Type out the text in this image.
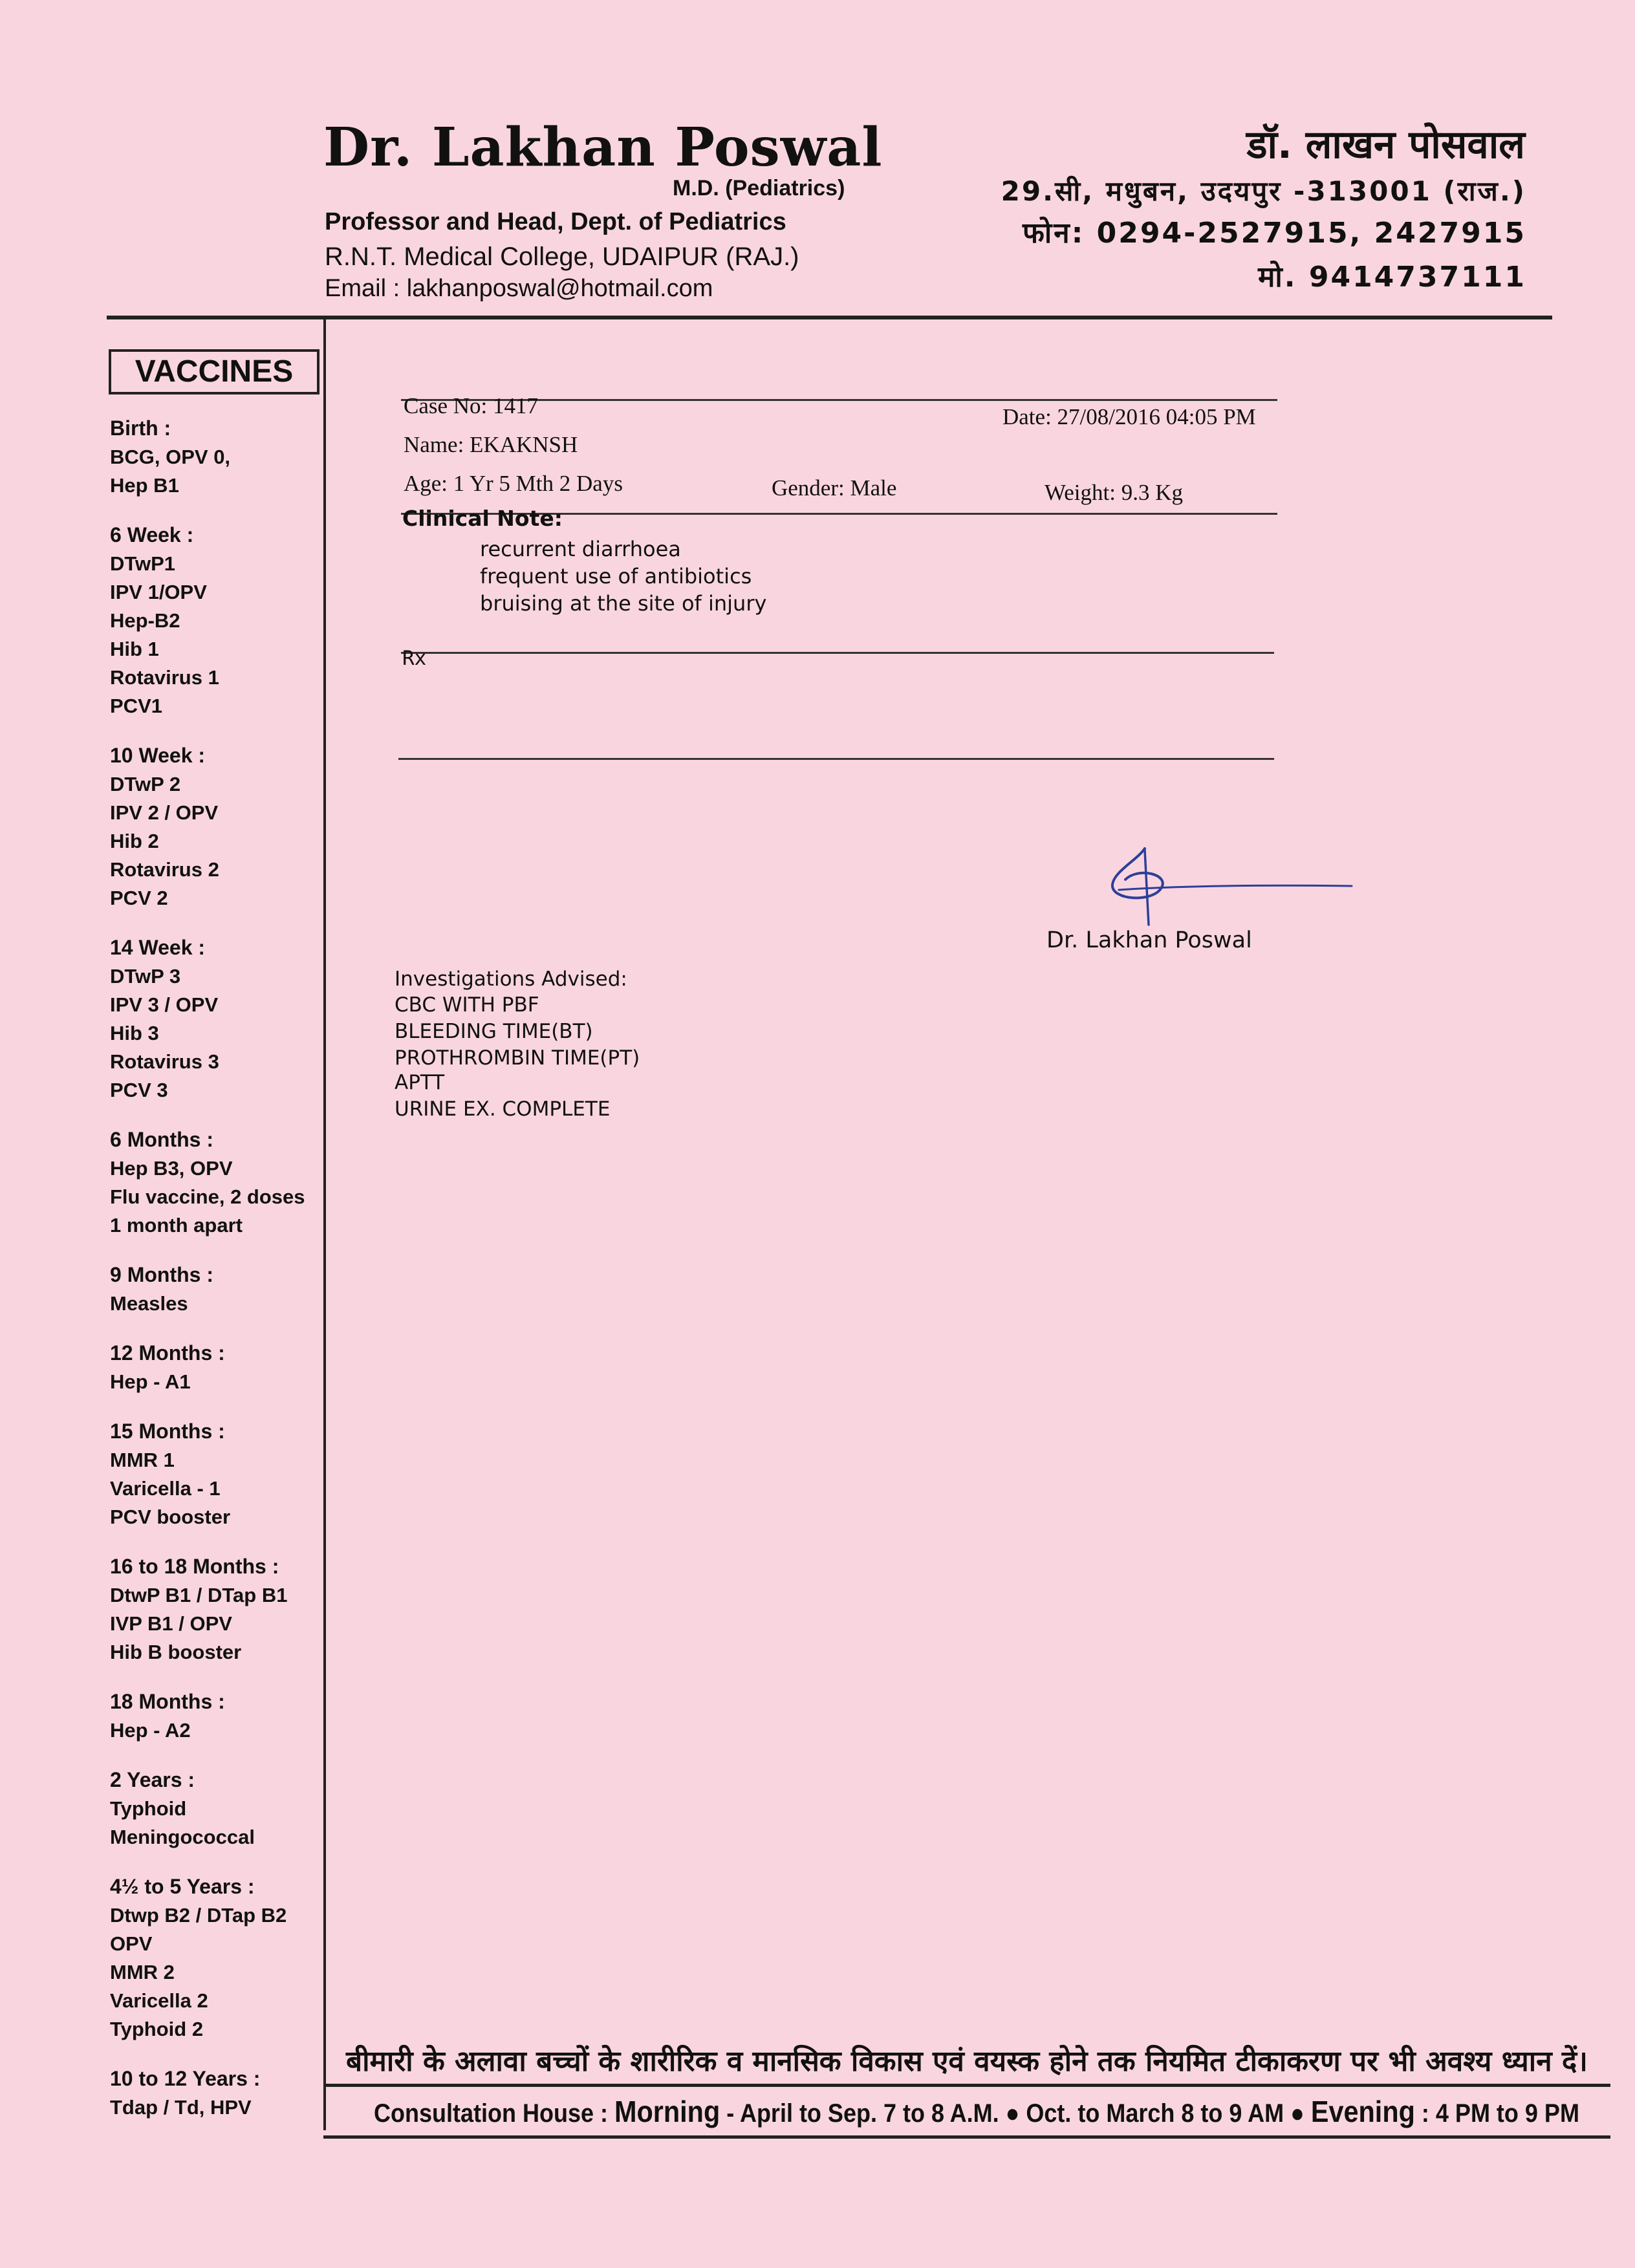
Dr. Lakhan Poswal
M.D. (Pediatrics)
Professor and Head, Dept. of Pediatrics
R.N.T. Medical College, UDAIPUR (RAJ.)
Email : lakhanposwal@hotmail.com
डॉ. लाखन पोसवाल
29.सी, मधुबन, उदयपुर -313001 (राज.)
फोन: 0294-2527915, 2427915
मो. 9414737111
VACCINES
Birth :
BCG, OPV 0,
Hep B1
6 Week :
DTwP1
IPV 1/OPV
Hep-B2
Hib 1
Rotavirus 1
PCV1
10 Week :
DTwP 2
IPV 2 / OPV
Hib 2
Rotavirus 2
PCV 2
14 Week :
DTwP 3
IPV 3 / OPV
Hib 3
Rotavirus 3
PCV 3
6 Months :
Hep B3, OPV
Flu vaccine, 2 doses
1 month apart
9 Months :
Measles
12 Months :
Hep - A1
15 Months :
MMR 1
Varicella - 1
PCV booster
16 to 18 Months :
DtwP B1 / DTap B1
IVP B1 / OPV
Hib B booster
18 Months :
Hep - A2
2 Years :
Typhoid
Meningococcal
4½ to 5 Years :
Dtwp B2 / DTap B2
OPV
MMR 2
Varicella 2
Typhoid 2
10 to 12 Years :
Tdap / Td, HPV
Case No: 1417	Date: 27/08/2016 04:05 PM
Name: EKAKNSH
Age: 1 Yr 5 Mth 2 Days	Gender: Male	Weight: 9.3 Kg
Clinical Note:
recurrent diarrhoea
frequent use of antibiotics
bruising at the site of injury
Rx
Dr. Lakhan Poswal
Investigations Advised:
CBC WITH PBF
BLEEDING TIME(BT)
PROTHROMBIN TIME(PT)
APTT
URINE EX. COMPLETE
बीमारी के अलावा बच्चों के शारीरिक व मानसिक विकास एवं वयस्क होने तक नियमित टीकाकरण पर भी अवश्य ध्यान दें।
Consultation House : Morning - April to Sep. 7 to 8 A.M. ● Oct. to March 8 to 9 AM ● Evening : 4 PM to 9 PM
